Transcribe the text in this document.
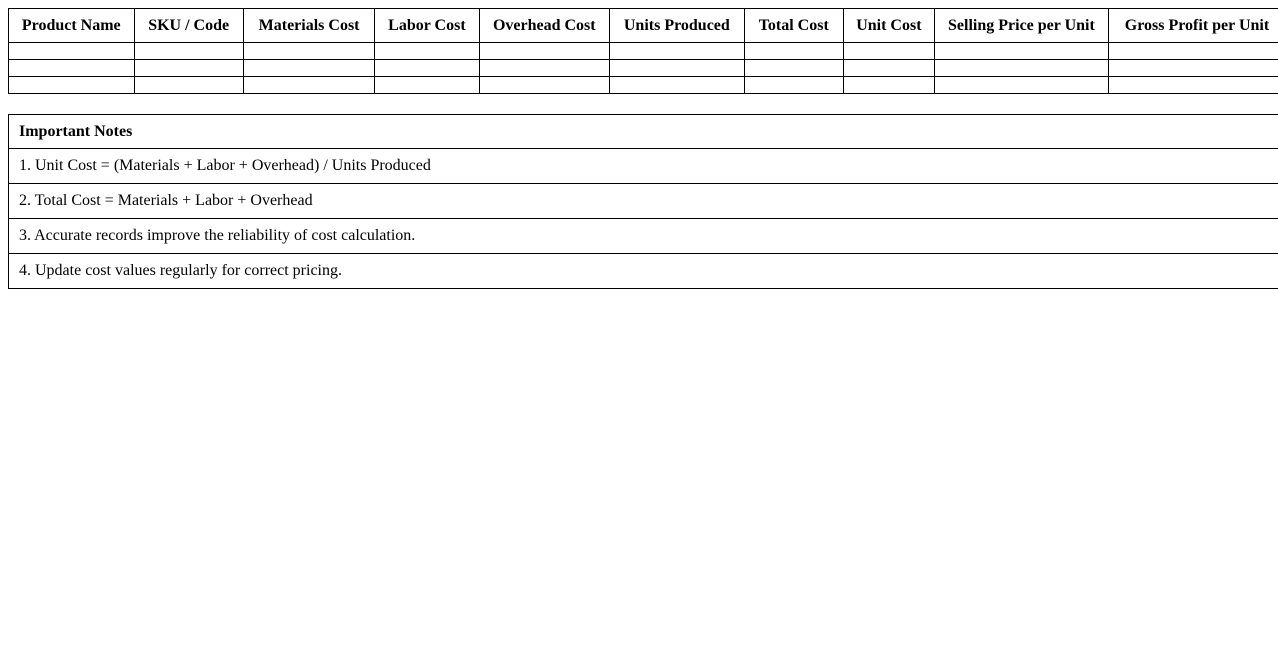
Product Name	SKU / Code	Materials Cost	Labor Cost	Overhead Cost	Units Produced	Total Cost	Unit Cost	Selling Price per Unit	Gross Profit per Unit

Important Notes
1. Unit Cost = (Materials + Labor + Overhead) / Units Produced
2. Total Cost = Materials + Labor + Overhead
3. Accurate records improve the reliability of cost calculation.
4. Update cost values regularly for correct pricing.
